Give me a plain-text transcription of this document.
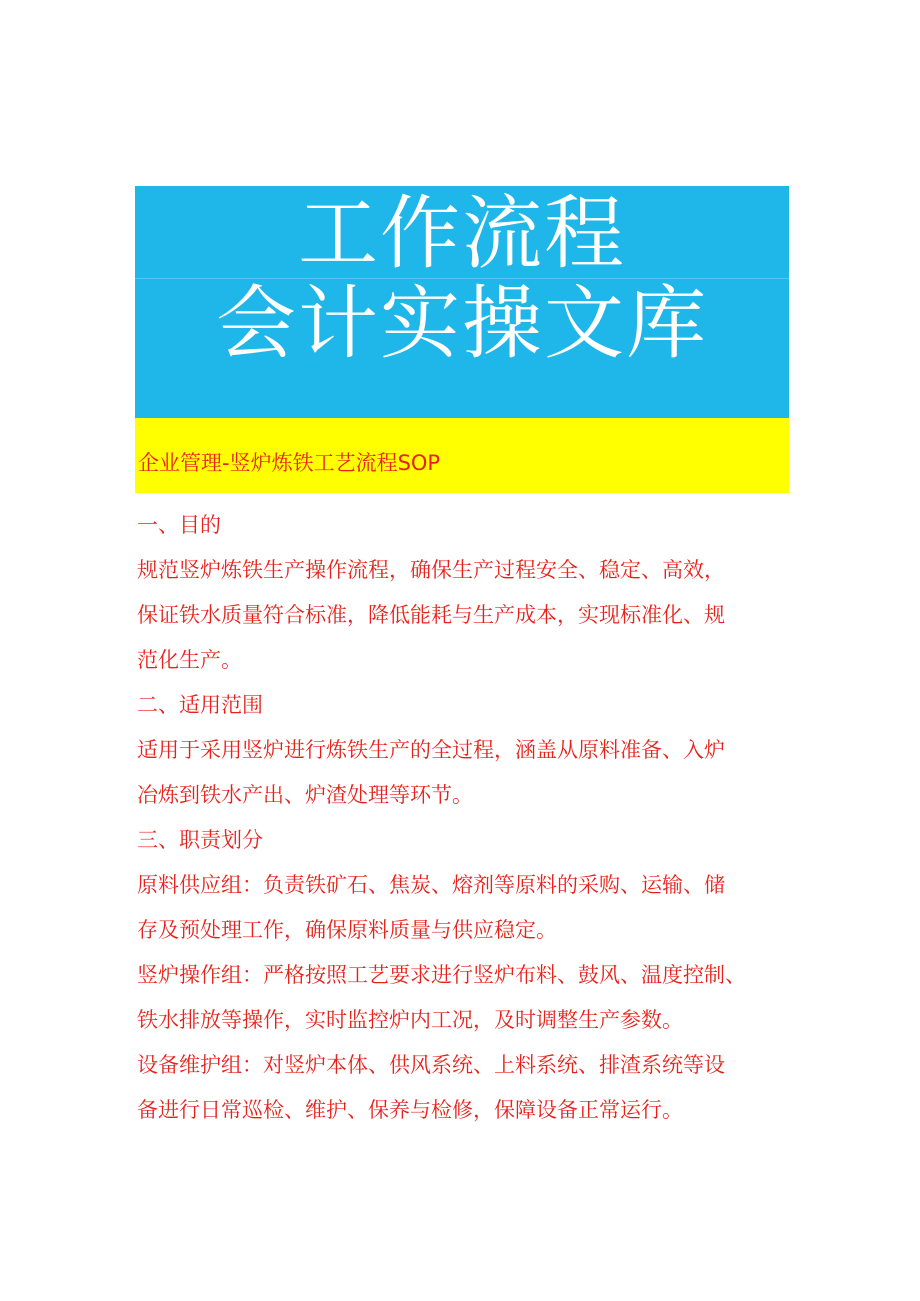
工作流程
会计实操文库
企业管理-竖炉炼铁工艺流程SOP
一、目的
规范竖炉炼铁生产操作流程，确保生产过程安全、稳定、高效，
保证铁水质量符合标准，降低能耗与生产成本，实现标准化、规
范化生产。
二、适用范围
适用于采用竖炉进行炼铁生产的全过程，涵盖从原料准备、入炉
冶炼到铁水产出、炉渣处理等环节。
三、职责划分
原料供应组：负责铁矿石、焦炭、熔剂等原料的采购、运输、储
存及预处理工作，确保原料质量与供应稳定。
竖炉操作组：严格按照工艺要求进行竖炉布料、鼓风、温度控制、
铁水排放等操作，实时监控炉内工况，及时调整生产参数。
设备维护组：对竖炉本体、供风系统、上料系统、排渣系统等设
备进行日常巡检、维护、保养与检修，保障设备正常运行。
